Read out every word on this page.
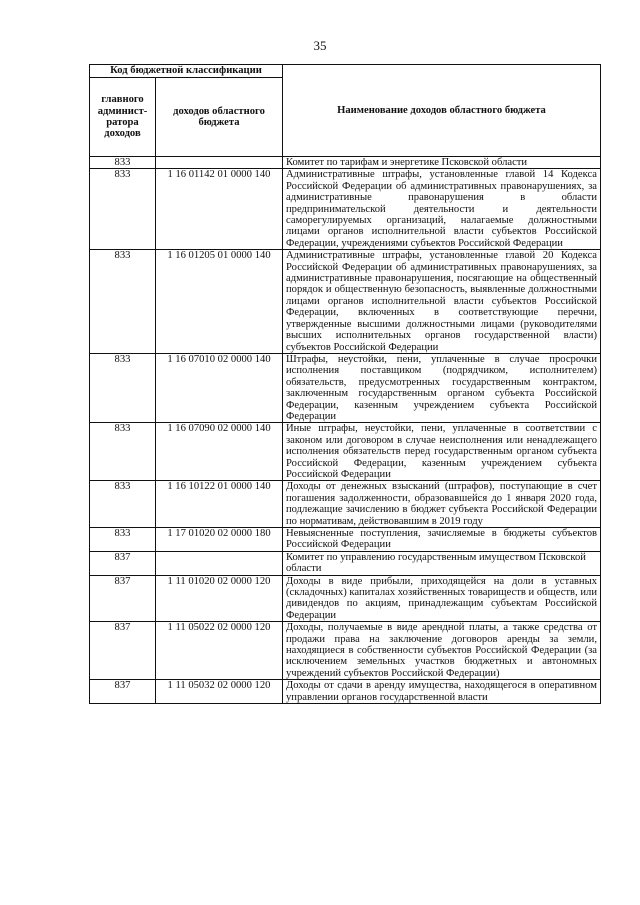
35
Код бюджетной классификации		Наименование доходов областного бюджета
главного админист-ратора доходов	доходов областного бюджета	
833		Комитет по тарифам и энергетике Псковской области
833	1 16 01142 01 0000 140	Административные штрафы, установленные главой 14 Кодекса Российской Федерации об административных правонарушениях, за административные правонарушения в области предпринимательской деятельности и деятельности саморегулируемых организаций, налагаемые должностными лицами органов исполнительной власти субъектов Российской Федерации, учреждениями субъектов Российской Федерации
833	1 16 01205 01 0000 140	Административные штрафы, установленные главой 20 Кодекса Российской Федерации об административных правонарушениях, за административные правонарушения, посягающие на общественный порядок и общественную безопасность, выявленные должностными лицами органов исполнительной власти субъектов Российской Федерации, включенных в соответствующие перечни, утвержденные высшими должностными лицами (руководителями высших исполнительных органов государственной власти) субъектов Российской Федерации
833	1 16 07010 02 0000 140	Штрафы, неустойки, пени, уплаченные в случае просрочки исполнения поставщиком (подрядчиком, исполнителем) обязательств, предусмотренных государственным контрактом, заключенным государственным органом субъекта Российской Федерации, казенным учреждением субъекта Российской Федерации
833	1 16 07090 02 0000 140	Иные штрафы, неустойки, пени, уплаченные в соответствии с законом или договором в случае неисполнения или ненадлежащего исполнения обязательств перед государственным органом субъекта Российской Федерации, казенным учреждением субъекта Российской Федерации
833	1 16 10122 01 0000 140	Доходы от денежных взысканий (штрафов), поступающие в счет погашения задолженности, образовавшейся до 1 января 2020 года, подлежащие зачислению в бюджет субъекта Российской Федерации по нормативам, действовавшим в 2019 году
833	1 17 01020 02 0000 180	Невыясненные поступления, зачисляемые в бюджеты субъектов Российской Федерации
837		Комитет по управлению государственным имуществом Псковской области
837	1 11 01020 02 0000 120	Доходы в виде прибыли, приходящейся на доли в уставных (складочных) капиталах хозяйственных товариществ и обществ, или дивидендов по акциям, принадлежащим субъектам Российской Федерации
837	1 11 05022 02 0000 120	Доходы, получаемые в виде арендной платы, а также средства от продажи права на заключение договоров аренды за земли, находящиеся в собственности субъектов Российской Федерации (за исключением земельных участков бюджетных и автономных учреждений субъектов Российской Федерации)
837	1 11 05032 02 0000 120	Доходы от сдачи в аренду имущества, находящегося в оперативном управлении органов государственной власти
